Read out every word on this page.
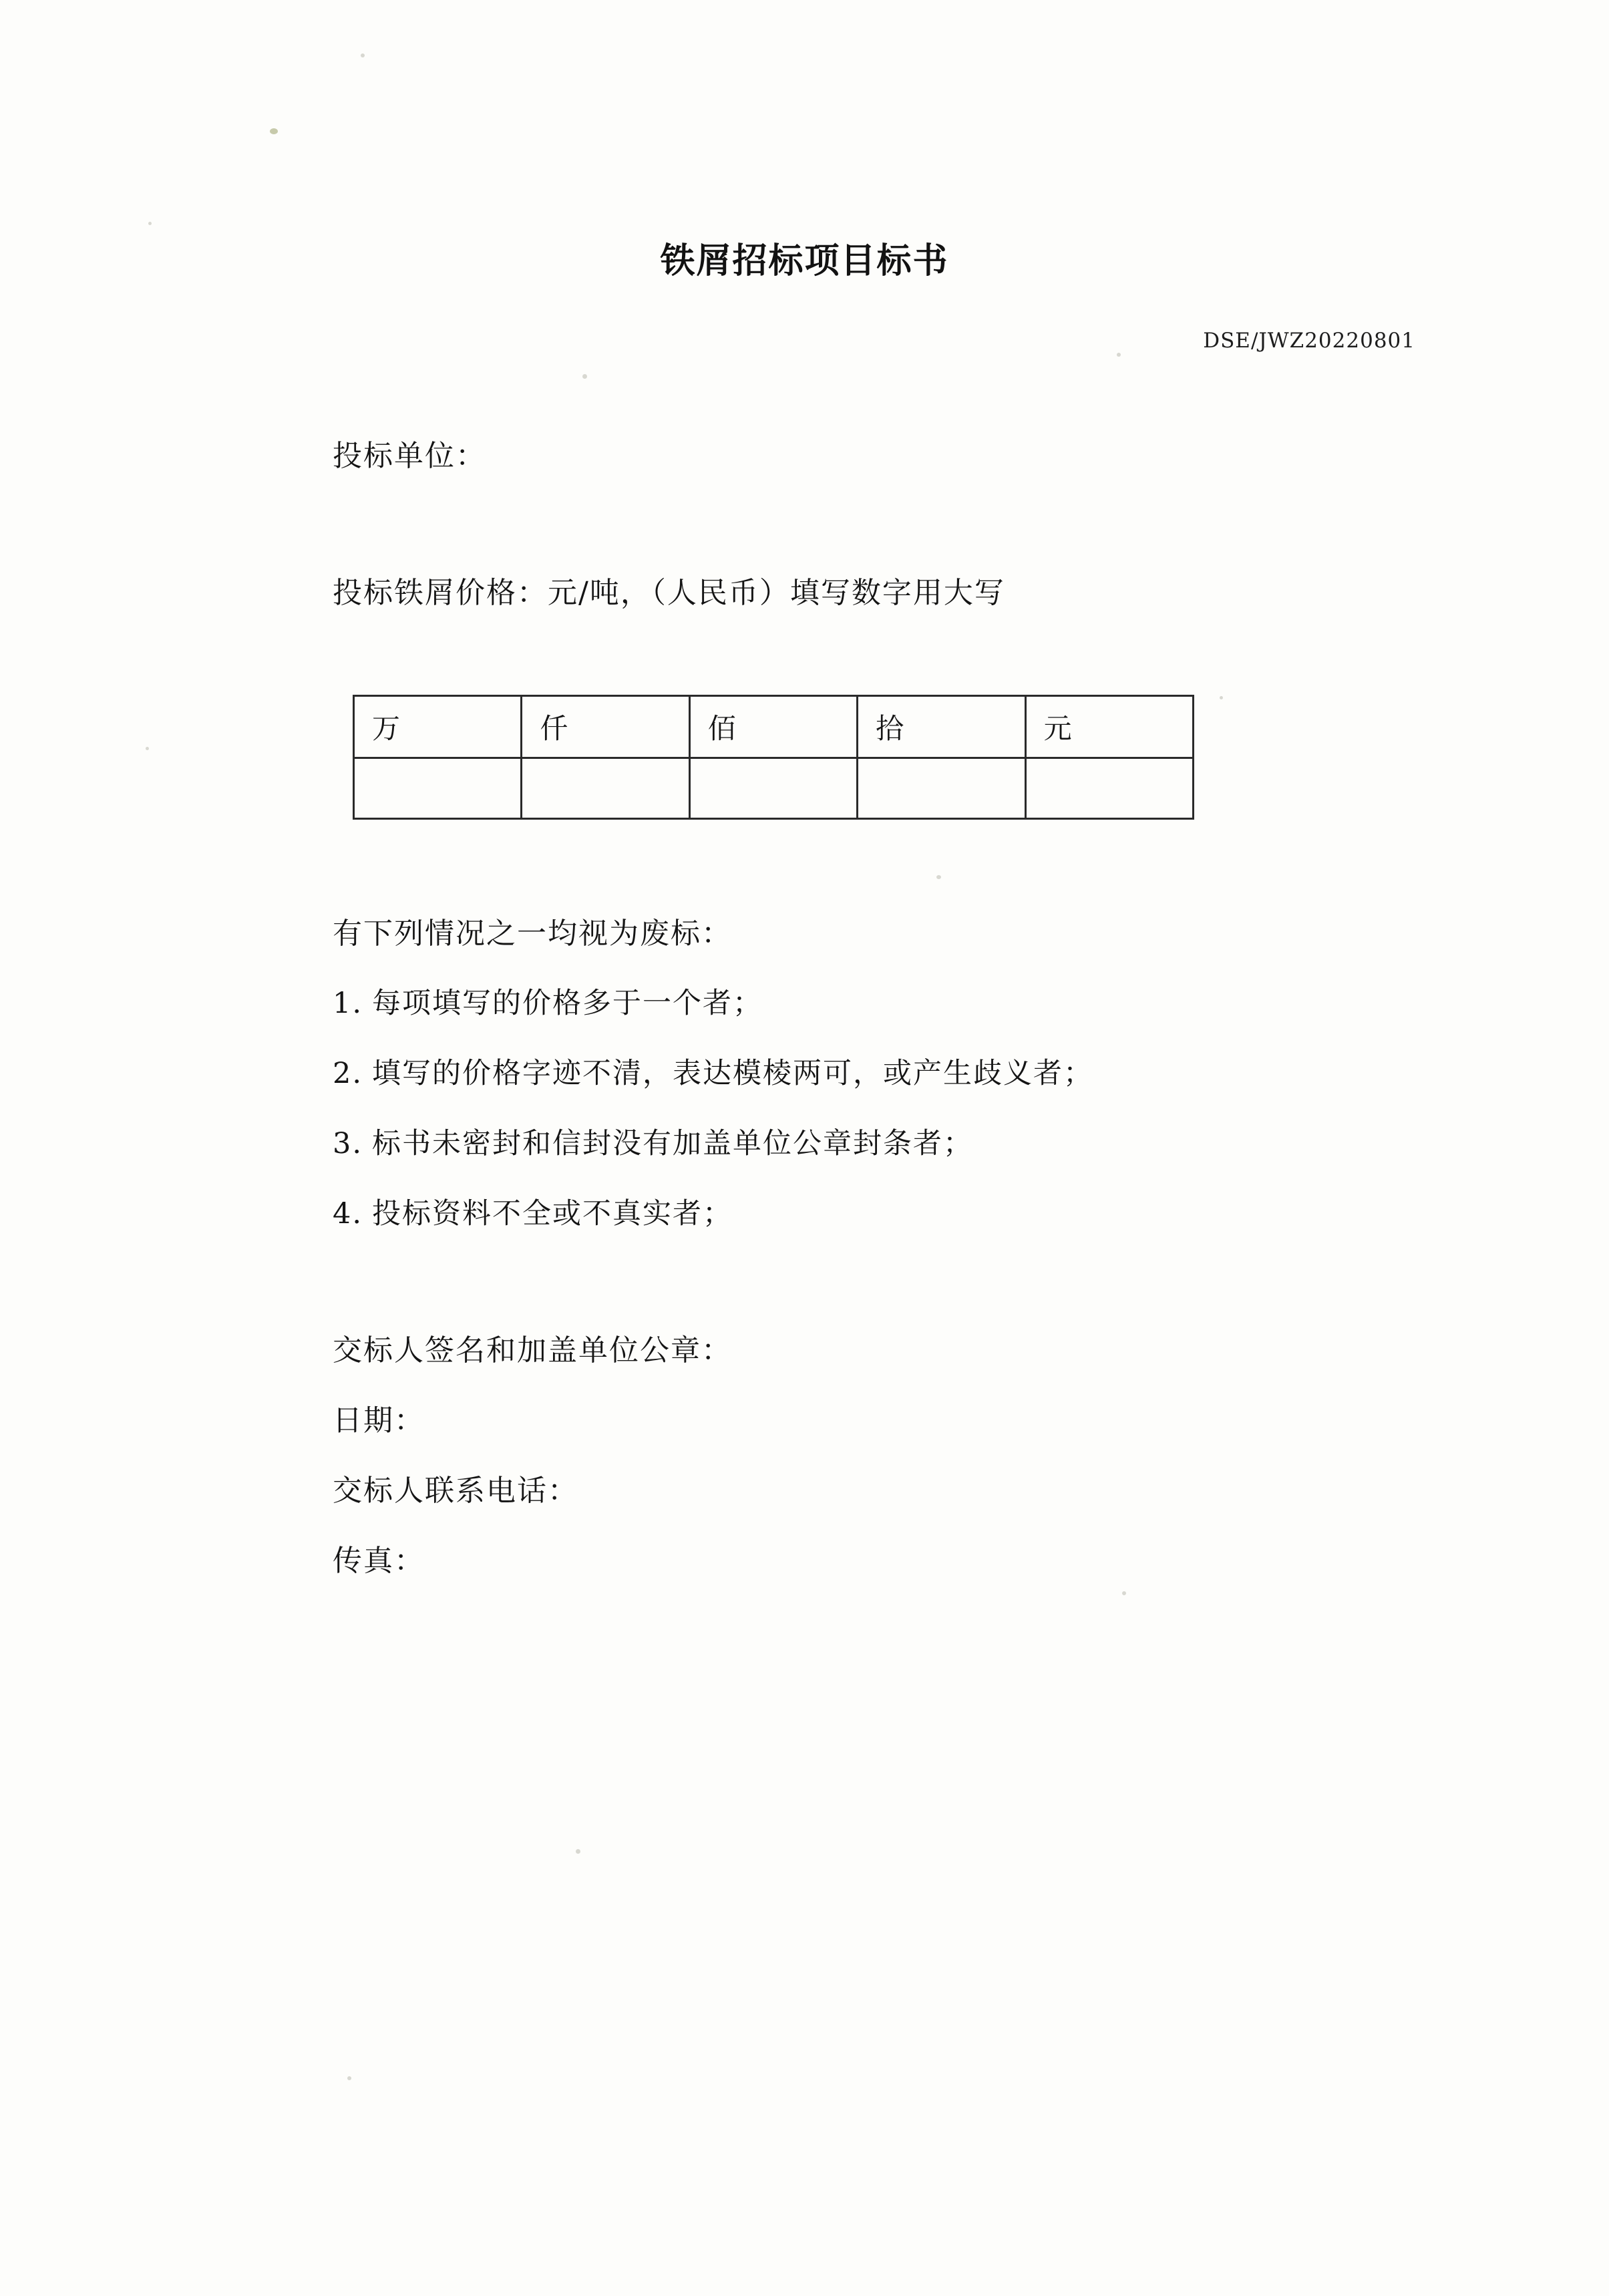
铁屑招标项目标书
DSE/JWZ20220801
投标单位：
投标铁屑价格：元/吨，（人民币）填写数字用大写
万	仟	佰	拾	元

有下列情况之一均视为废标：
1. 每项填写的价格多于一个者；
2. 填写的价格字迹不清，表达模棱两可，或产生歧义者；
3. 标书未密封和信封没有加盖单位公章封条者；
4. 投标资料不全或不真实者；
交标人签名和加盖单位公章：
日期：
交标人联系电话：
传真：
